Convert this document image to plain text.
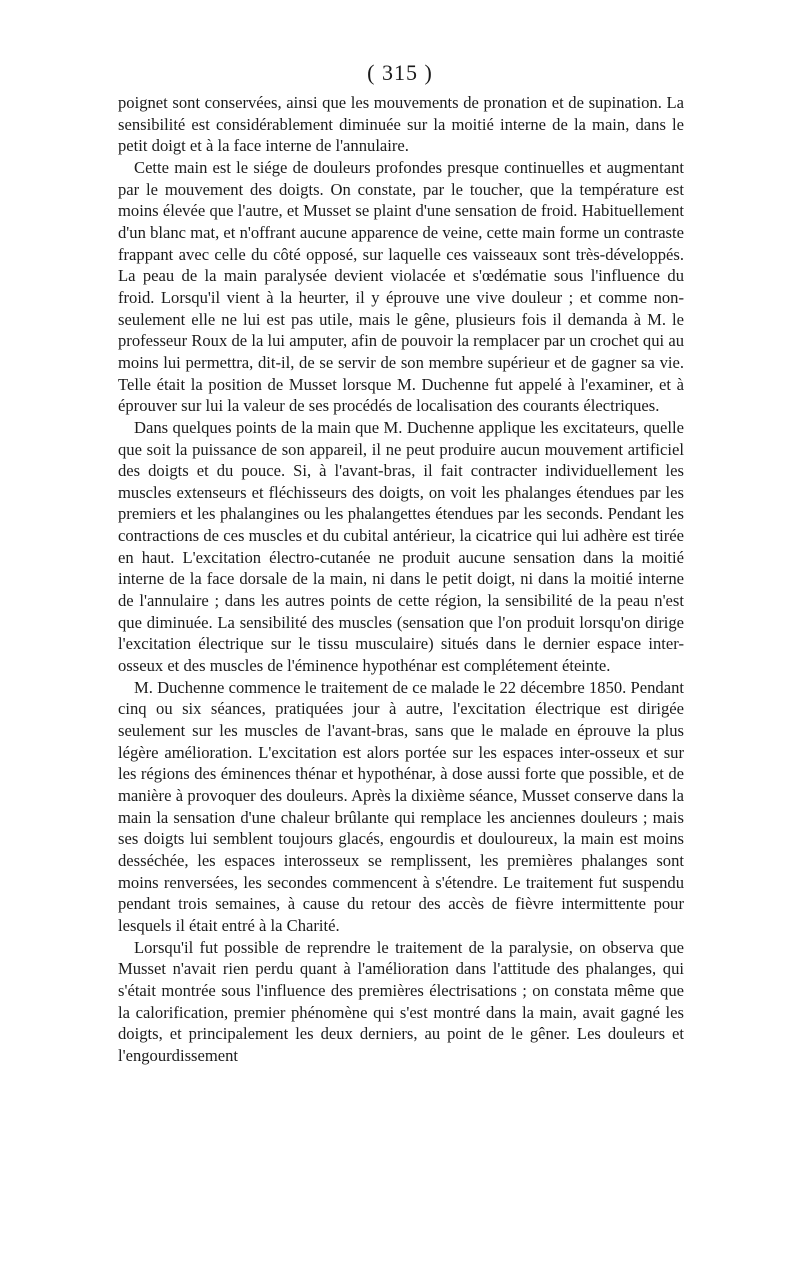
( 315 )

poignet sont conservées, ainsi que les mouvements de pronation et de supination. La sensibilité est considérablement diminuée sur la moitié interne de la main, dans le petit doigt et à la face interne de l'annulaire.

Cette main est le siége de douleurs profondes presque continuelles et augmentant par le mouvement des doigts. On constate, par le toucher, que la température est moins élevée que l'autre, et Musset se plaint d'une sensation de froid. Habituellement d'un blanc mat, et n'offrant aucune apparence de veine, cette main forme un contraste frappant avec celle du côté opposé, sur laquelle ces vaisseaux sont très-développés. La peau de la main paralysée devient violacée et s'œdématie sous l'influence du froid. Lorsqu'il vient à la heurter, il y éprouve une vive douleur ; et comme non-seulement elle ne lui est pas utile, mais le gêne, plusieurs fois il demanda à M. le professeur Roux de la lui amputer, afin de pouvoir la remplacer par un crochet qui au moins lui permettra, dit-il, de se servir de son membre supérieur et de gagner sa vie. Telle était la position de Musset lorsque M. Duchenne fut appelé à l'examiner, et à éprouver sur lui la valeur de ses procédés de localisation des courants électriques.

Dans quelques points de la main que M. Duchenne applique les excitateurs, quelle que soit la puissance de son appareil, il ne peut produire aucun mouvement artificiel des doigts et du pouce. Si, à l'avant-bras, il fait contracter individuellement les muscles extenseurs et fléchisseurs des doigts, on voit les phalanges étendues par les premiers et les phalangines ou les phalangettes étendues par les seconds. Pendant les contractions de ces muscles et du cubital antérieur, la cicatrice qui lui adhère est tirée en haut. L'excitation électro-cutanée ne produit aucune sensation dans la moitié interne de la face dorsale de la main, ni dans le petit doigt, ni dans la moitié interne de l'annulaire ; dans les autres points de cette région, la sensibilité de la peau n'est que diminuée. La sensibilité des muscles (sensation que l'on produit lorsqu'on dirige l'excitation électrique sur le tissu musculaire) situés dans le dernier espace inter-osseux et des muscles de l'éminence hypothénar est complétement éteinte.

M. Duchenne commence le traitement de ce malade le 22 décembre 1850. Pendant cinq ou six séances, pratiquées jour à autre, l'excitation électrique est dirigée seulement sur les muscles de l'avant-bras, sans que le malade en éprouve la plus légère amélioration. L'excitation est alors portée sur les espaces inter-osseux et sur les régions des éminences thénar et hypothénar, à dose aussi forte que possible, et de manière à provoquer des douleurs. Après la dixième séance, Musset conserve dans la main la sensation d'une chaleur brûlante qui remplace les anciennes douleurs ; mais ses doigts lui semblent toujours glacés, engourdis et douloureux, la main est moins desséchée, les espaces interosseux se remplissent, les premières phalanges sont moins renversées, les secondes commencent à s'étendre. Le traitement fut suspendu pendant trois semaines, à cause du retour des accès de fièvre intermittente pour lesquels il était entré à la Charité.

Lorsqu'il fut possible de reprendre le traitement de la paralysie, on observa que Musset n'avait rien perdu quant à l'amélioration dans l'attitude des phalanges, qui s'était montrée sous l'influence des premières électrisations ; on constata même que la calorification, premier phénomène qui s'est montré dans la main, avait gagné les doigts, et principalement les deux derniers, au point de le gêner. Les douleurs et l'engourdissement
